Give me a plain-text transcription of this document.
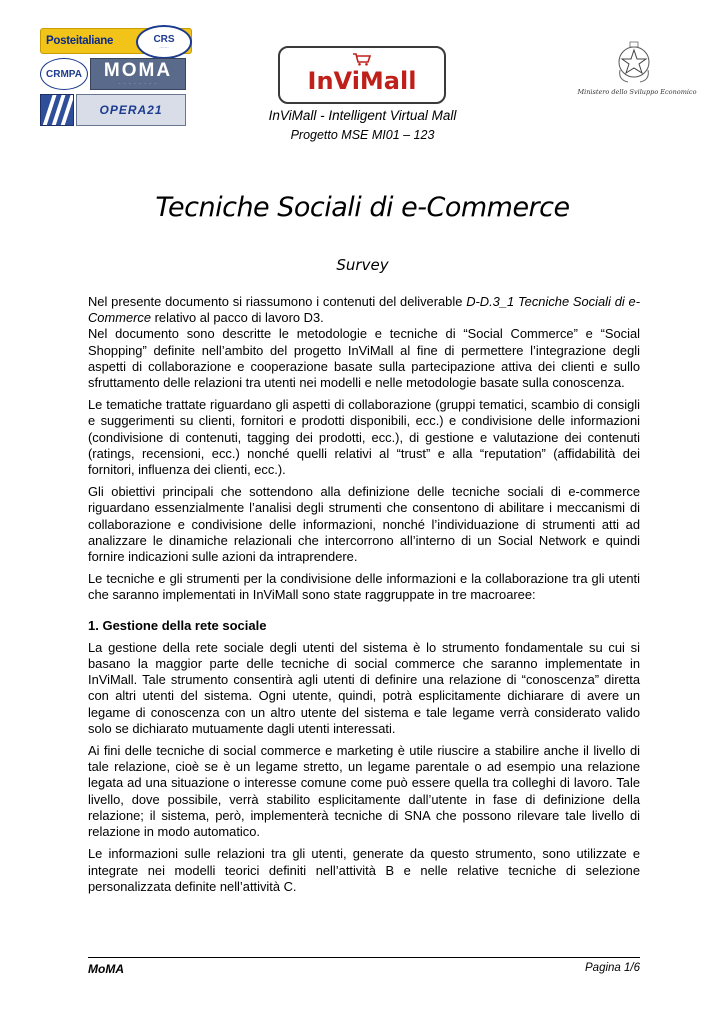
Posteitaliane	CRS
·······
CRMPA MOMA
· · · · · · · ·
OPERA21
InViMall	Ministero dello Sviluppo Economico
InViMall - Intelligent Virtual Mall
Progetto MSE MI01 – 123
Tecniche Sociali di e-Commerce
Survey

Nel presente documento si riassumono i contenuti del deliverable D-D.3_1 Tecniche Sociali di e-Commerce relativo al pacco di lavoro D3.

Nel documento sono descritte le metodologie e tecniche di “Social Commerce” e “Social Shopping” definite nell’ambito del progetto InViMall al fine di permettere l’integrazione degli aspetti di collaborazione e cooperazione basate sulla partecipazione attiva dei clienti e sullo sfruttamento delle relazioni tra utenti nei modelli e nelle metodologie basate sulla conoscenza.

Le tematiche trattate riguardano gli aspetti di collaborazione (gruppi tematici, scambio di consigli e suggerimenti su clienti, fornitori e prodotti disponibili, ecc.) e condivisione delle informazioni (condivisione di contenuti, tagging dei prodotti, ecc.), di gestione e valutazione dei contenuti (ratings, recensioni, ecc.) nonché quelli relativi al “trust” e alla “reputation” (affidabilità dei fornitori, influenza dei clienti, ecc.).

Gli obiettivi principali che sottendono alla definizione delle tecniche sociali di e-commerce riguardano essenzialmente l’analisi degli strumenti che consentono di abilitare i meccanismi di collaborazione e condivisione delle informazioni, nonché l’individuazione di strumenti atti ad analizzare le dinamiche relazionali che intercorrono all’interno di un Social Network e quindi fornire indicazioni sulle azioni da intraprendere.

Le tecniche e gli strumenti per la condivisione delle informazioni e la collaborazione tra gli utenti che saranno implementati in InViMall sono state raggruppate in tre macroaree:

1. Gestione della rete sociale

La gestione della rete sociale degli utenti del sistema è lo strumento fondamentale su cui si basano la maggior parte delle tecniche di social commerce che saranno implementate in InViMall. Tale strumento consentirà agli utenti di definire una relazione di “conoscenza” diretta con altri utenti del sistema. Ogni utente, quindi, potrà esplicitamente dichiarare di avere un legame di conoscenza con un altro utente del sistema e tale legame verrà considerato valido solo se dichiarato mutuamente dagli utenti interessati.

Ai fini delle tecniche di social commerce e marketing è utile riuscire a stabilire anche il livello di tale relazione, cioè se è un legame stretto, un legame parentale o ad esempio una relazione legata ad una situazione o interesse comune come può essere quella tra colleghi di lavoro. Tale livello, dove possibile, verrà stabilito esplicitamente dall’utente in fase di definizione della relazione; il sistema, però, implementerà tecniche di SNA che possono rilevare tale livello di relazione in modo automatico.

Le informazioni sulle relazioni tra gli utenti, generate da questo strumento, sono utilizzate e integrate nei modelli teorici definiti nell’attività B e nelle relative tecniche di selezione personalizzata definite nell’attività C.

MoMA	Pagina 1/6
